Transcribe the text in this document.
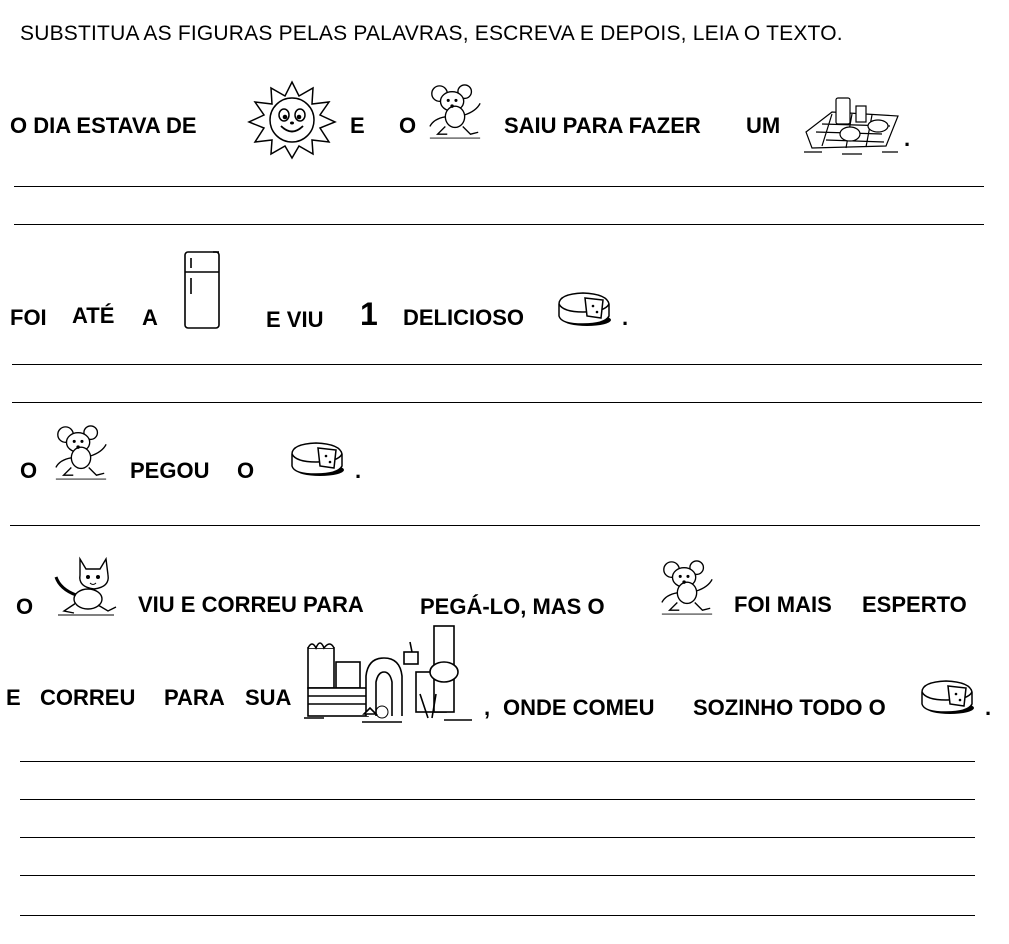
SUBSTITUA AS FIGURAS PELAS PALAVRAS, ESCREVA E DEPOIS, LEIA O TEXTO.
O DIA ESTAVA DE	E O	SAIU PARA FAZER UM
.
FOI ATÉ A	E VIU 1 DELICIOSO	.
O	PEGOU O	.
O	VIU E CORREU PARA	PEGÁ-LO, MAS O	FOI MAIS ESPERTO
E CORREU PARA SUA	, ONDE COMEU SOZINHO TODO O	.
